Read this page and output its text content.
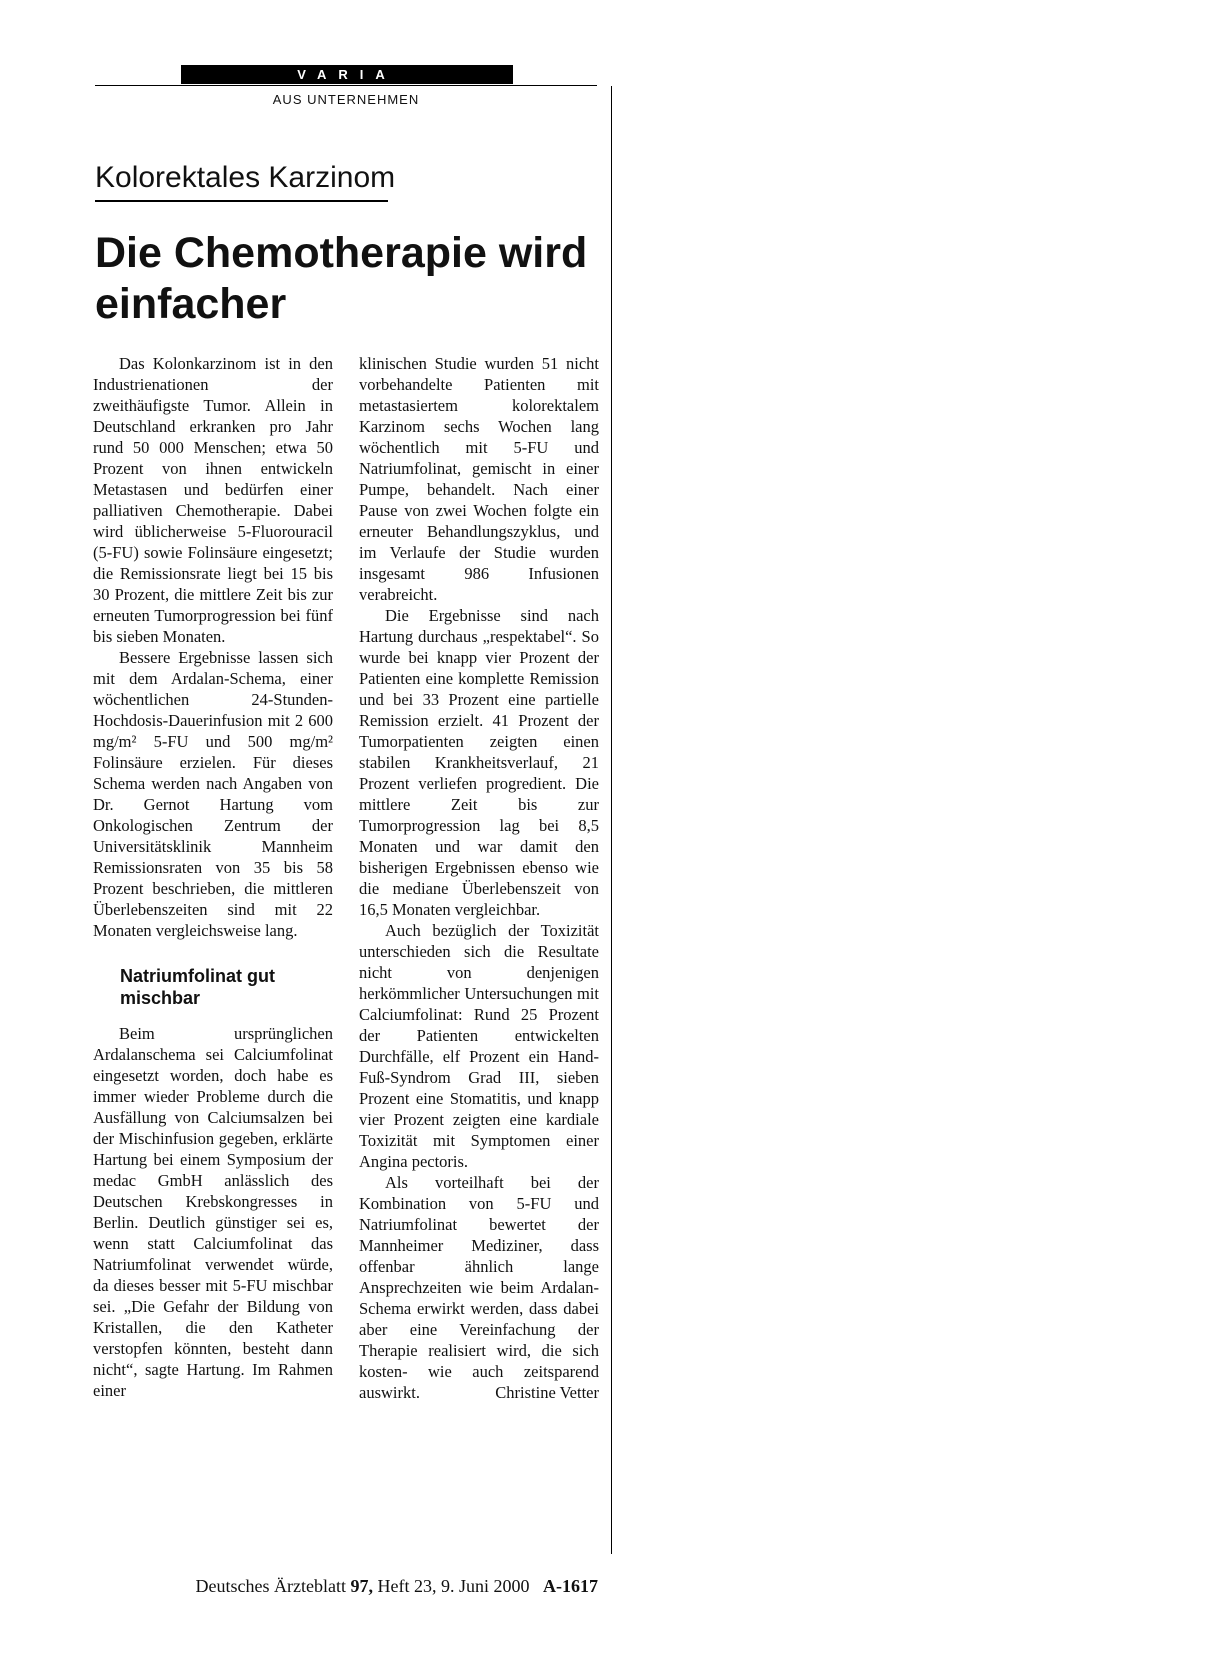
VARIA
AUS UNTERNEHMEN
Kolorektales Karzinom
Die Chemotherapie wird einfacher

Das Kolonkarzinom ist in den Industrienationen der zweithäufigste Tumor. Allein in Deutschland erkranken pro Jahr rund 50 000 Menschen; etwa 50 Prozent von ihnen entwickeln Metastasen und bedürfen einer palliativen Chemotherapie. Dabei wird üblicherweise 5-Fluorouracil (5-FU) sowie Folinsäure eingesetzt; die Remissionsrate liegt bei 15 bis 30 Prozent, die mittlere Zeit bis zur erneuten Tumorprogression bei fünf bis sieben Monaten.

Bessere Ergebnisse lassen sich mit dem Ardalan-Schema, einer wöchentlichen 24-Stunden-Hochdosis-Dauerinfusion mit 2 600 mg/m² 5-FU und 500 mg/m² Folinsäure erzielen. Für dieses Schema werden nach Angaben von Dr. Gernot Hartung vom Onkologischen Zentrum der Universitätsklinik Mannheim Remissionsraten von 35 bis 58 Prozent beschrieben, die mittleren Überlebenszeiten sind mit 22 Monaten vergleichsweise lang.

Natriumfolinat gut mischbar

Beim ursprünglichen Ardalanschema sei Calciumfolinat eingesetzt worden, doch habe es immer wieder Probleme durch die Ausfällung von Calciumsalzen bei der Mischinfusion gegeben, erklärte Hartung bei einem Symposium der medac GmbH anlässlich des Deutschen Krebskongresses in Berlin. Deutlich günstiger sei es, wenn statt Calciumfolinat das Natriumfolinat verwendet würde, da dieses besser mit 5-FU mischbar sei. „Die Gefahr der Bildung von Kristallen, die den Katheter verstopfen könnten, besteht dann nicht“, sagte Hartung. Im Rahmen einer

klinischen Studie wurden 51 nicht vorbehandelte Patienten mit metastasiertem kolorektalem Karzinom sechs Wochen lang wöchentlich mit 5-FU und Natriumfolinat, gemischt in einer Pumpe, behandelt. Nach einer Pause von zwei Wochen folgte ein erneuter Behandlungszyklus, und im Verlaufe der Studie wurden insgesamt 986 Infusionen verabreicht.

Die Ergebnisse sind nach Hartung durchaus „respektabel“. So wurde bei knapp vier Prozent der Patienten eine komplette Remission und bei 33 Prozent eine partielle Remission erzielt. 41 Prozent der Tumorpatienten zeigten einen stabilen Krankheitsverlauf, 21 Prozent verliefen progredient. Die mittlere Zeit bis zur Tumorprogression lag bei 8,5 Monaten und war damit den bisherigen Ergebnissen ebenso wie die mediane Überlebenszeit von 16,5 Monaten vergleichbar.

Auch bezüglich der Toxizität unterschieden sich die Resultate nicht von denjenigen herkömmlicher Untersuchungen mit Calciumfolinat: Rund 25 Prozent der Patienten entwickelten Durchfälle, elf Prozent ein Hand-Fuß-Syndrom Grad III, sieben Prozent eine Stomatitis, und knapp vier Prozent zeigten eine kardiale Toxizität mit Symptomen einer Angina pectoris.

Als vorteilhaft bei der Kombination von 5-FU und Natriumfolinat bewertet der Mannheimer Mediziner, dass offenbar ähnlich lange Ansprechzeiten wie beim Ardalan-Schema erwirkt werden, dass dabei aber eine Vereinfachung der Therapie realisiert wird, die sich kosten- wie auch zeitsparend auswirkt.	Christine Vetter

Deutsches Ärzteblatt 97, Heft 23, 9. Juni 2000 A-1617
